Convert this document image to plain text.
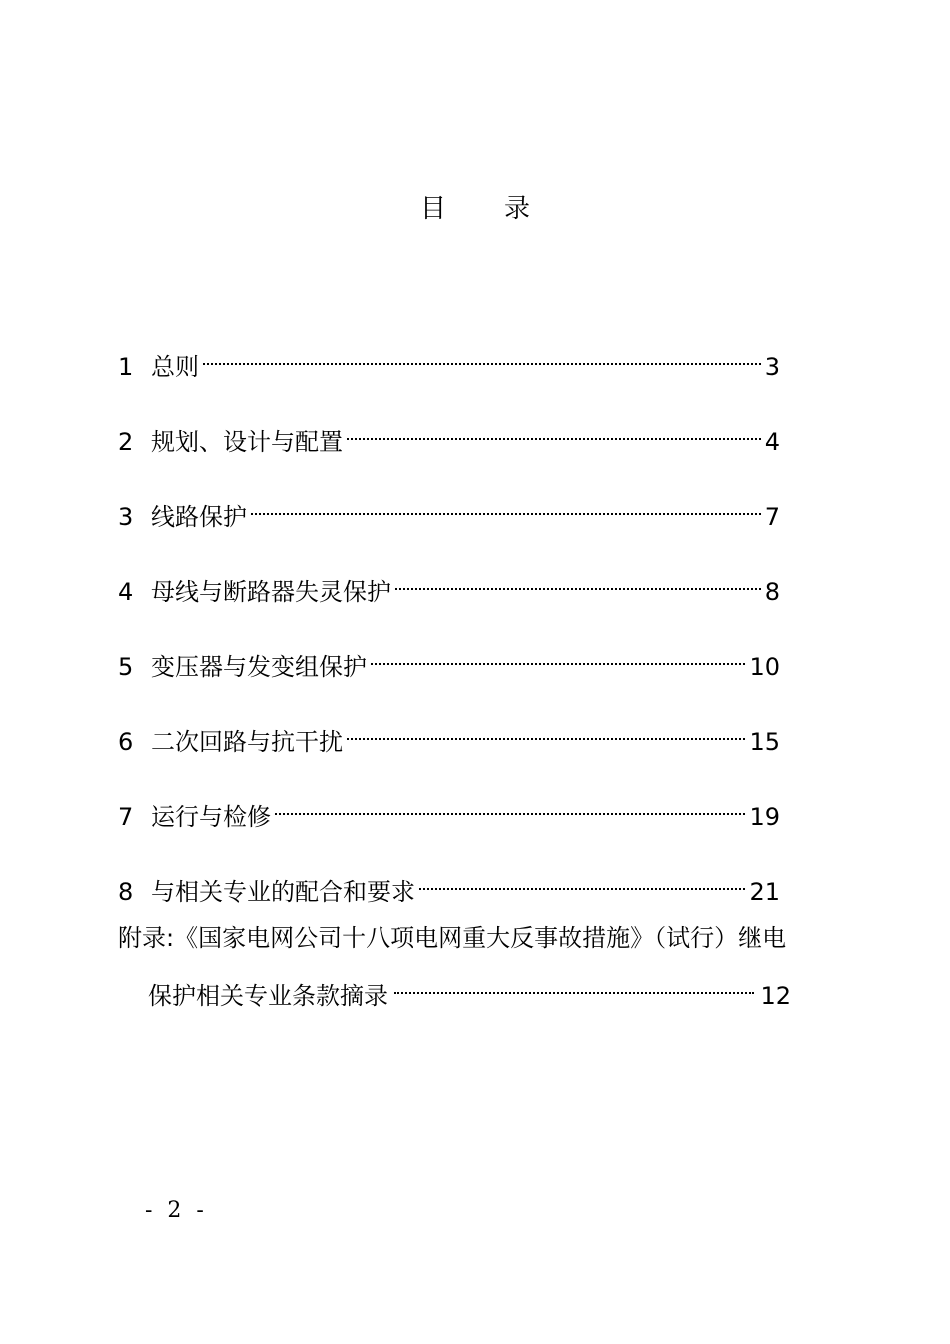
目 录
1 总则	3
2 规划、设计与配置	4
3 线路保护	7
4 母线与断路器失灵保护	8
5 变压器与发变组保护	10
6 二次回路与抗干扰	15
7 运行与检修	19
8 与相关专业的配合和要求	21
附录:《国家电网公司十八项电网重大反事故措施》（试行）继电
保护相关专业条款摘录	12
- 2 -
